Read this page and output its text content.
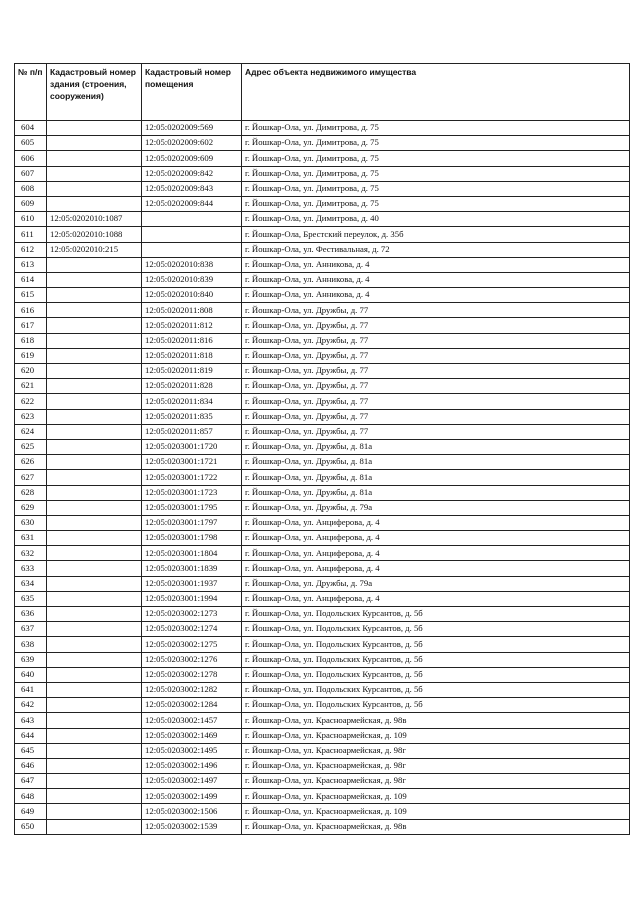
№ п/п	Кадастровый номер здания (строения, сооружения)	Кадастровый номер помещения	Адрес объекта недвижимого имущества
604		12:05:0202009:569	г. Йошкар-Ола, ул. Димитрова, д. 75
605		12:05:0202009:602	г. Йошкар-Ола, ул. Димитрова, д. 75
606		12:05:0202009:609	г. Йошкар-Ола, ул. Димитрова, д. 75
607		12:05:0202009:842	г. Йошкар-Ола, ул. Димитрова, д. 75
608		12:05:0202009:843	г. Йошкар-Ола, ул. Димитрова, д. 75
609		12:05:0202009:844	г. Йошкар-Ола, ул. Димитрова, д. 75
610	12:05:0202010:1087		г. Йошкар-Ола, ул. Димитрова, д. 40
611	12:05:0202010:1088		г. Йошкар-Ола, Брестский переулок, д. 35б
612	12:05:0202010:215		г. Йошкар-Ола, ул. Фестивальная, д. 72
613		12:05:0202010:838	г. Йошкар-Ола, ул. Анникова, д. 4
614		12:05:0202010:839	г. Йошкар-Ола, ул. Анникова, д. 4
615		12:05:0202010:840	г. Йошкар-Ола, ул. Анникова, д. 4
616		12:05:0202011:808	г. Йошкар-Ола, ул. Дружбы, д. 77
617		12:05:0202011:812	г. Йошкар-Ола, ул. Дружбы, д. 77
618		12:05:0202011:816	г. Йошкар-Ола, ул. Дружбы, д. 77
619		12:05:0202011:818	г. Йошкар-Ола, ул. Дружбы, д. 77
620		12:05:0202011:819	г. Йошкар-Ола, ул. Дружбы, д. 77
621		12:05:0202011:828	г. Йошкар-Ола, ул. Дружбы, д. 77
622		12:05:0202011:834	г. Йошкар-Ола, ул. Дружбы, д. 77
623		12:05:0202011:835	г. Йошкар-Ола, ул. Дружбы, д. 77
624		12:05:0202011:857	г. Йошкар-Ола, ул. Дружбы, д. 77
625		12:05:0203001:1720	г. Йошкар-Ола, ул. Дружбы, д. 81а
626		12:05:0203001:1721	г. Йошкар-Ола, ул. Дружбы, д. 81а
627		12:05:0203001:1722	г. Йошкар-Ола, ул. Дружбы, д. 81а
628		12:05:0203001:1723	г. Йошкар-Ола, ул. Дружбы, д. 81а
629		12:05:0203001:1795	г. Йошкар-Ола, ул. Дружбы, д. 79а
630		12:05:0203001:1797	г. Йошкар-Ола, ул. Анциферова, д. 4
631		12:05:0203001:1798	г. Йошкар-Ола, ул. Анциферова, д. 4
632		12:05:0203001:1804	г. Йошкар-Ола, ул. Анциферова, д. 4
633		12:05:0203001:1839	г. Йошкар-Ола, ул. Анциферова, д. 4
634		12:05:0203001:1937	г. Йошкар-Ола, ул. Дружбы, д. 79а
635		12:05:0203001:1994	г. Йошкар-Ола, ул. Анциферова, д. 4
636		12:05:0203002:1273	г. Йошкар-Ола, ул. Подольских Курсантов, д. 5б
637		12:05:0203002:1274	г. Йошкар-Ола, ул. Подольских Курсантов, д. 5б
638		12:05:0203002:1275	г. Йошкар-Ола, ул. Подольских Курсантов, д. 5б
639		12:05:0203002:1276	г. Йошкар-Ола, ул. Подольских Курсантов, д. 5б
640		12:05:0203002:1278	г. Йошкар-Ола, ул. Подольских Курсантов, д. 5б
641		12:05:0203002:1282	г. Йошкар-Ола, ул. Подольских Курсантов, д. 5б
642		12:05:0203002:1284	г. Йошкар-Ола, ул. Подольских Курсантов, д. 5б
643		12:05:0203002:1457	г. Йошкар-Ола, ул. Красноармейская, д. 98в
644		12:05:0203002:1469	г. Йошкар-Ола, ул. Красноармейская, д. 109
645		12:05:0203002:1495	г. Йошкар-Ола, ул. Красноармейская, д. 98г
646		12:05:0203002:1496	г. Йошкар-Ола, ул. Красноармейская, д. 98г
647		12:05:0203002:1497	г. Йошкар-Ола, ул. Красноармейская, д. 98г
648		12:05:0203002:1499	г. Йошкар-Ола, ул. Красноармейская, д. 109
649		12:05:0203002:1506	г. Йошкар-Ола, ул. Красноармейская, д. 109
650		12:05:0203002:1539	г. Йошкар-Ола, ул. Красноармейская, д. 98в
